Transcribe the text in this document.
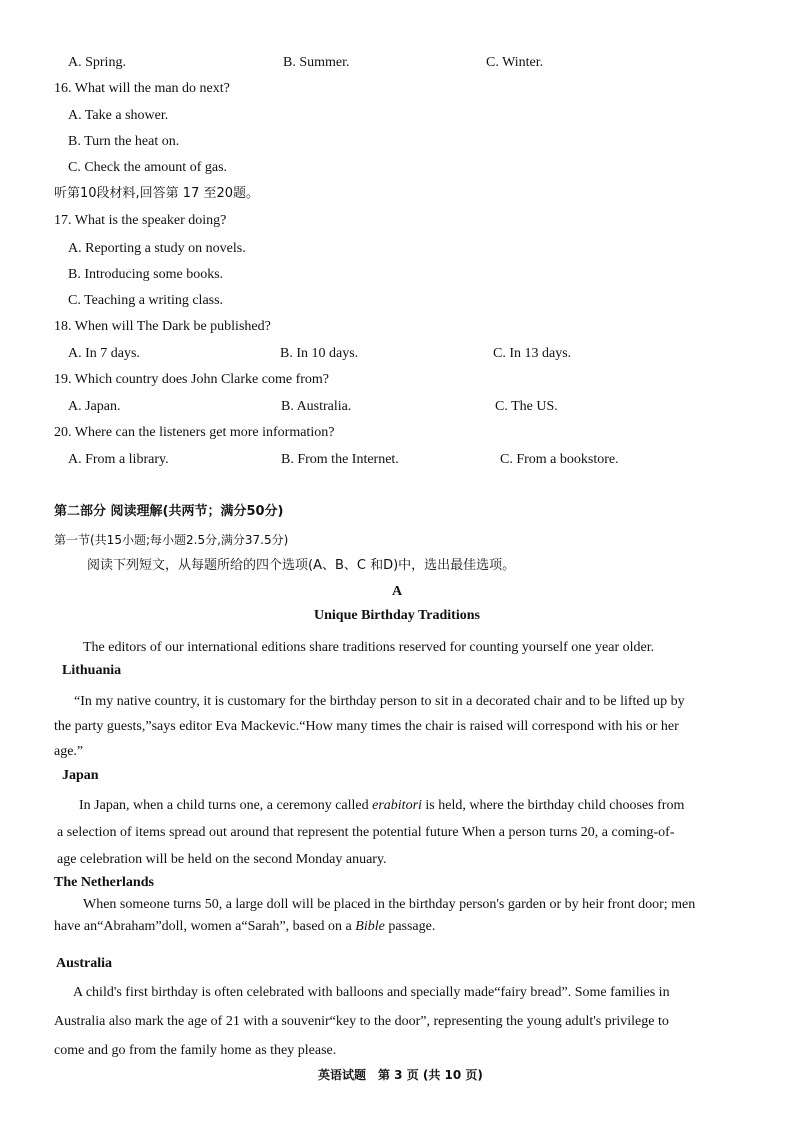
A. Spring.	B. Summer.	C. Winter.
16. What will the man do next?
A. Take a shower.
B. Turn the heat on.
C. Check the amount of gas.
听第10段材料,回答第 17 至20题。
17. What is the speaker doing?
A. Reporting a study on novels.
B. Introducing some books.
C. Teaching a writing class.
18. When will The Dark be published?
A. In 7 days.	B. In 10 days.	C. In 13 days.
19. Which country does John Clarke come from?
A. Japan.	B. Australia.	C. The US.
20. Where can the listeners get more information?
A. From a library.	B. From the Internet.	C. From a bookstore.
第二部分 阅读理解(共两节；满分50分)
第一节(共15小题;每小题2.5分,满分37.5分)
阅读下列短文，从每题所给的四个选项(A、B、C 和D)中，选出最佳选项。
A
Unique Birthday Traditions
The editors of our international editions share traditions reserved for counting yourself one year older.
Lithuania
“In my native country, it is customary for the birthday person to sit in a decorated chair and to be lifted up by
the party guests,”says editor Eva Mackevic.“How many times the chair is raised will correspond with his or her
age.”
Japan
In Japan, when a child turns one, a ceremony called erabitori is held, where the birthday child chooses from
a selection of items spread out around that represent the potential future When a person turns 20, a coming-of-
age celebration will be held on the second Monday anuary.
The Netherlands
When someone turns 50, a large doll will be placed in the birthday person's garden or by heir front door; men
have an“Abraham”doll, women a“Sarah”, based on a Bible passage.
Australia
A child's first birthday is often celebrated with balloons and specially made“fairy bread”. Some families in
Australia also mark the age of 21 with a souvenir“key to the door”, representing the young adult's privilege to
come and go from the family home as they please.
英语试题　第 3 页 (共 10 页)
